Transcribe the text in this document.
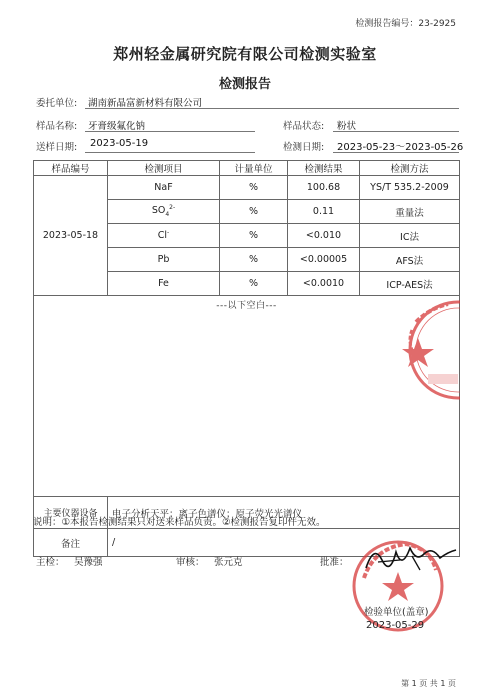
检测报告编号：23-2925
郑州轻金属研究院有限公司检测实验室
检测报告
委托单位: 湖南新晶富新材料有限公司
样品名称: 牙膏级氟化钠	样品状态: 粉状
送样日期: 2023-05-19	检测日期: 2023-05-23～2023-05-26
样品编号	检测项目	计量单位	检测结果	检测方法
2023-05-18	NaF	%	100.68	YS/T 535.2-2009
	$SO_4^{2-}$	%	0.11	重量法
	Cl-	%	<0.010	IC法
	Pb	%	<0.00005	AFS法
	Fe	%	<0.0010	ICP-AES法

---以下空白---				

主要仪器设备	电子分析天平；离子色谱仪；原子荧光光谱仪			
备注	/			
说明：①本报告检测结果只对送来样品负责。②检测报告复印件无效。
主检： 吴豫强	审核： 张元克	批准：
检验单位(盖章)
2023-05-29
第 1 页 共 1 页
